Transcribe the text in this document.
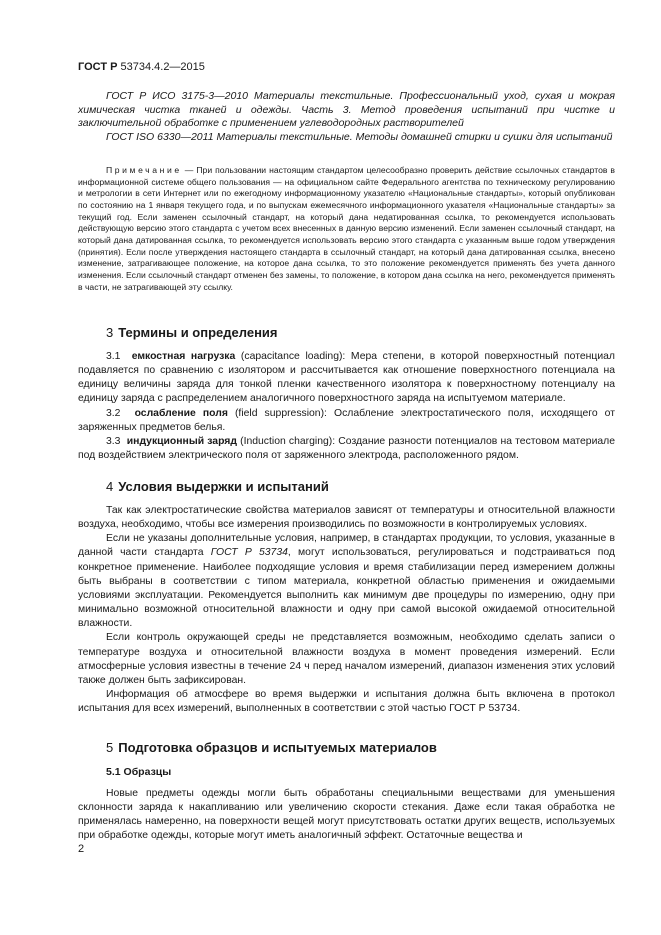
ГОСТ Р 53734.4.2—2015

ГОСТ Р ИСО 3175-3—2010 Материалы текстильные. Профессиональный уход, сухая и мокрая химическая чистка тканей и одежды. Часть 3. Метод проведения испытаний при чистке и заключительной обработке с применением углеводородных растворителей

ГОСТ ISO 6330—2011 Материалы текстильные. Методы домашней стирки и сушки для испытаний

Примечание — При пользовании настоящим стандартом целесообразно проверить действие ссылочных стандартов в информационной системе общего пользования — на официальном сайте Федерального агентства по техническому регулированию и метрологии в сети Интернет или по ежегодному информационному указателю «Национальные стандарты», который опубликован по состоянию на 1 января текущего года, и по выпускам ежемесячного информационного указателя «Национальные стандарты» за текущий год. Если заменен ссылочный стандарт, на который дана недатированная ссылка, то рекомендуется использовать действующую версию этого стандарта с учетом всех внесенных в данную версию изменений. Если заменен ссылочный стандарт, на который дана датированная ссылка, то рекомендуется использовать версию этого стандарта с указанным выше годом утверждения (принятия). Если после утверждения настоящего стандарта в ссылочный стандарт, на который дана датированная ссылка, внесено изменение, затрагивающее положение, на которое дана ссылка, то это положение рекомендуется применять без учета данного изменения. Если ссылочный стандарт отменен без замены, то положение, в котором дана ссылка на него, рекомендуется применять в части, не затрагивающей эту ссылку.

3 Термины и определения

3.1 емкостная нагрузка (capacitance loading): Мера степени, в которой поверхностный потенциал подавляется по сравнению с изолятором и рассчитывается как отношение поверхностного потенциала на единицу величины заряда для тонкой пленки качественного изолятора к поверхностному потенциалу на единицу заряда с распределением аналогичного поверхностного заряда на испытуемом материале.

3.2 ослабление поля (field suppression): Ослабление электростатического поля, исходящего от заряженных предметов белья.

3.3 индукционный заряд (Induction charging): Создание разности потенциалов на тестовом материале под воздействием электрического поля от заряженного электрода, расположенного рядом.

4 Условия выдержки и испытаний

Так как электростатические свойства материалов зависят от температуры и относительной влажности воздуха, необходимо, чтобы все измерения производились по возможности в контролируемых условиях.

Если не указаны дополнительные условия, например, в стандартах продукции, то условия, указанные в данной части стандарта ГОСТ Р 53734, могут использоваться, регулироваться и подстраиваться под конкретное применение. Наиболее подходящие условия и время стабилизации перед измерением должны быть выбраны в соответствии с типом материала, конкретной областью применения и ожидаемыми условиями эксплуатации. Рекомендуется выполнить как минимум две процедуры по измерению, одну при минимально возможной относительной влажности и одну при самой высокой ожидаемой относительной влажности.

Если контроль окружающей среды не представляется возможным, необходимо сделать записи о температуре воздуха и относительной влажности воздуха в момент проведения измерений. Если атмосферные условия известны в течение 24 ч перед началом измерений, диапазон изменения этих условий также должен быть зафиксирован.

Информация об атмосфере во время выдержки и испытания должна быть включена в протокол испытания для всех измерений, выполненных в соответствии с этой частью ГОСТ Р 53734.

5 Подготовка образцов и испытуемых материалов
5.1 Образцы

Новые предметы одежды могли быть обработаны специальными веществами для уменьшения склонности заряда к накапливанию или увеличению скорости стекания. Даже если такая обработка не применялась намеренно, на поверхности вещей могут присутствовать остатки других веществ, используемых при обработке одежды, которые могут иметь аналогичный эффект. Остаточные вещества и

2
